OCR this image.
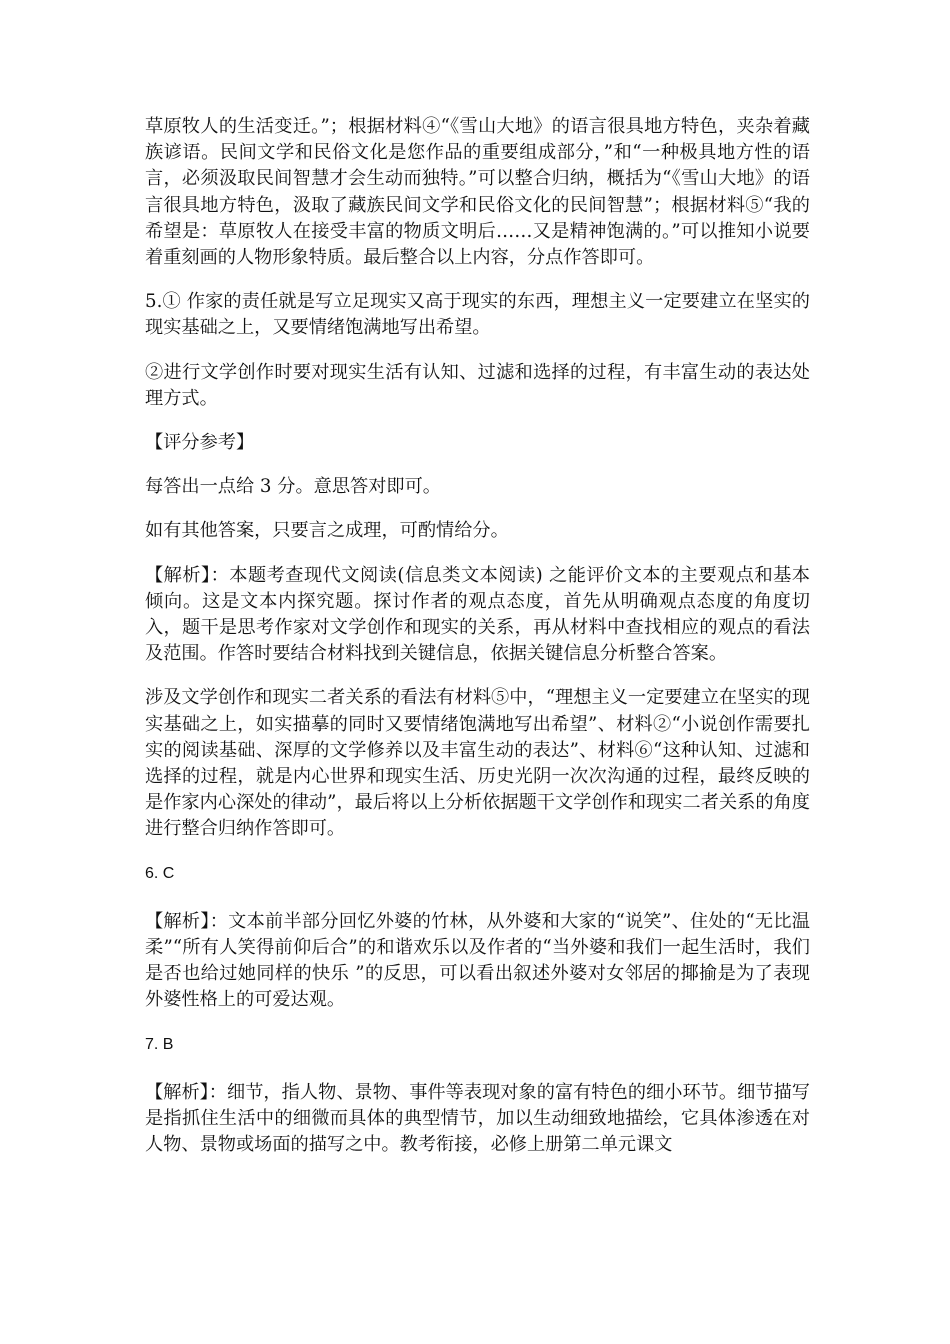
草原牧人的生活变迁。”；根据材料④“《雪山大地》的语言很具地方特色，夹杂着藏族谚语。民间文学和民俗文化是您作品的重要组成部分，”和“一种极具地方性的语言，必须汲取民间智慧才会生动而独特。”可以整合归纳，概括为“《雪山大地》的语言很具地方特色，汲取了藏族民间文学和民俗文化的民间智慧”；根据材料⑤“我的希望是：草原牧人在接受丰富的物质文明后……又是精神饱满的。”可以推知小说要着重刻画的人物形象特质。最后整合以上内容，分点作答即可。

5.① 作家的责任就是写立足现实又高于现实的东西，理想主义一定要建立在坚实的现实基础之上，又要情绪饱满地写出希望。

②进行文学创作时要对现实生活有认知、过滤和选择的过程，有丰富生动的表达处理方式。

【评分参考】

每答出一点给 3 分。意思答对即可。

如有其他答案，只要言之成理，可酌情给分。

【解析】：本题考查现代文阅读(信息类文本阅读) 之能评价文本的主要观点和基本倾向。这是文本内探究题。探讨作者的观点态度，首先从明确观点态度的角度切入，题干是思考作家对文学创作和现实的关系，再从材料中查找相应的观点的看法及范围。作答时要结合材料找到关键信息，依据关键信息分析整合答案。

涉及文学创作和现实二者关系的看法有材料⑤中，“理想主义一定要建立在坚实的现实基础之上，如实描摹的同时又要情绪饱满地写出希望”、材料②“小说创作需要扎实的阅读基础、深厚的文学修养以及丰富生动的表达”、材料⑥“这种认知、过滤和选择的过程，就是内心世界和现实生活、历史光阴一次次沟通的过程，最终反映的是作家内心深处的律动”，最后将以上分析依据题干文学创作和现实二者关系的角度进行整合归纳作答即可。

6. C

【解析】：文本前半部分回忆外婆的竹林，从外婆和大家的“说笑”、住处的“无比温柔”“所有人笑得前仰后合”的和谐欢乐以及作者的“当外婆和我们一起生活时，我们是否也给过她同样的快乐 ”的反思，可以看出叙述外婆对女邻居的揶揄是为了表现外婆性格上的可爱达观。

7. B

【解析】：细节，指人物、景物、事件等表现对象的富有特色的细小环节。细节描写是指抓住生活中的细微而具体的典型情节，加以生动细致地描绘，它具体渗透在对人物、景物或场面的描写之中。教考衔接，必修上册第二单元课文
